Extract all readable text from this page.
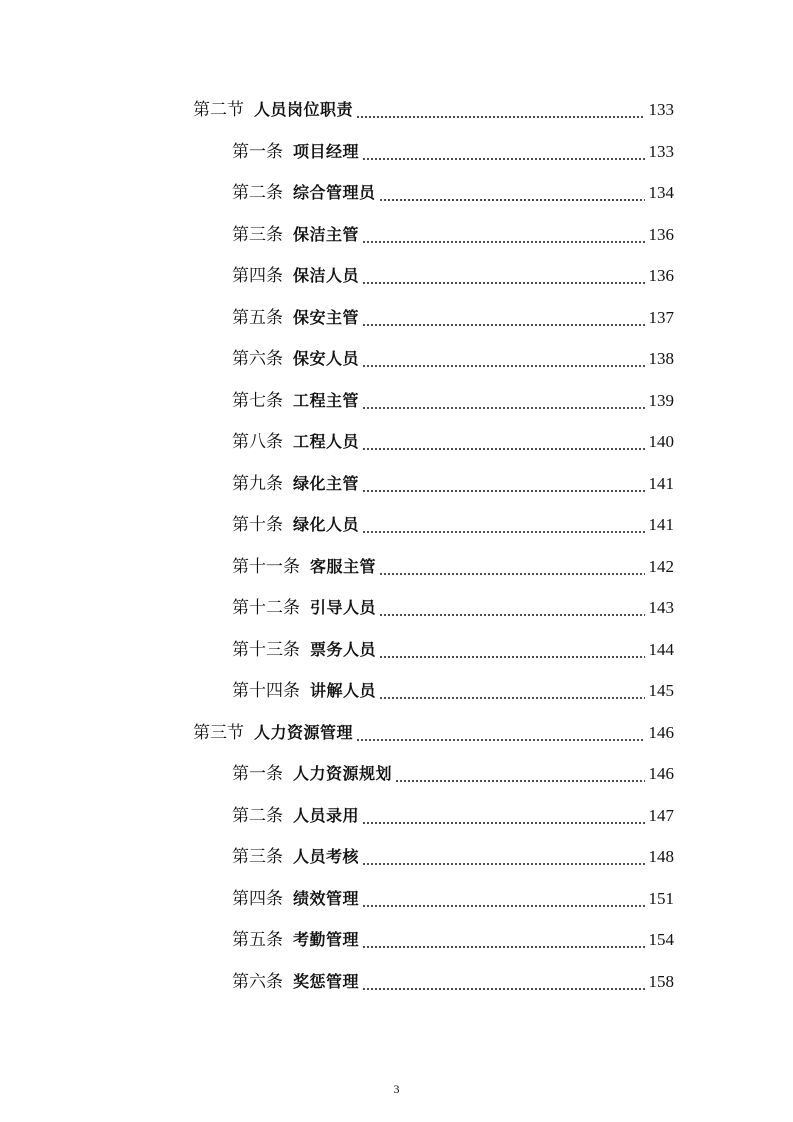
第二节 人员岗位职责	133
第一条 项目经理	133
第二条 综合管理员	134
第三条 保洁主管	136
第四条 保洁人员	136
第五条 保安主管	137
第六条 保安人员	138
第七条 工程主管	139
第八条 工程人员	140
第九条 绿化主管	141
第十条 绿化人员	141
第十一条 客服主管	142
第十二条 引导人员	143
第十三条 票务人员	144
第十四条 讲解人员	145
第三节 人力资源管理	146
第一条 人力资源规划	146
第二条 人员录用	147
第三条 人员考核	148
第四条 绩效管理	151
第五条 考勤管理	154
第六条 奖惩管理	158
3
